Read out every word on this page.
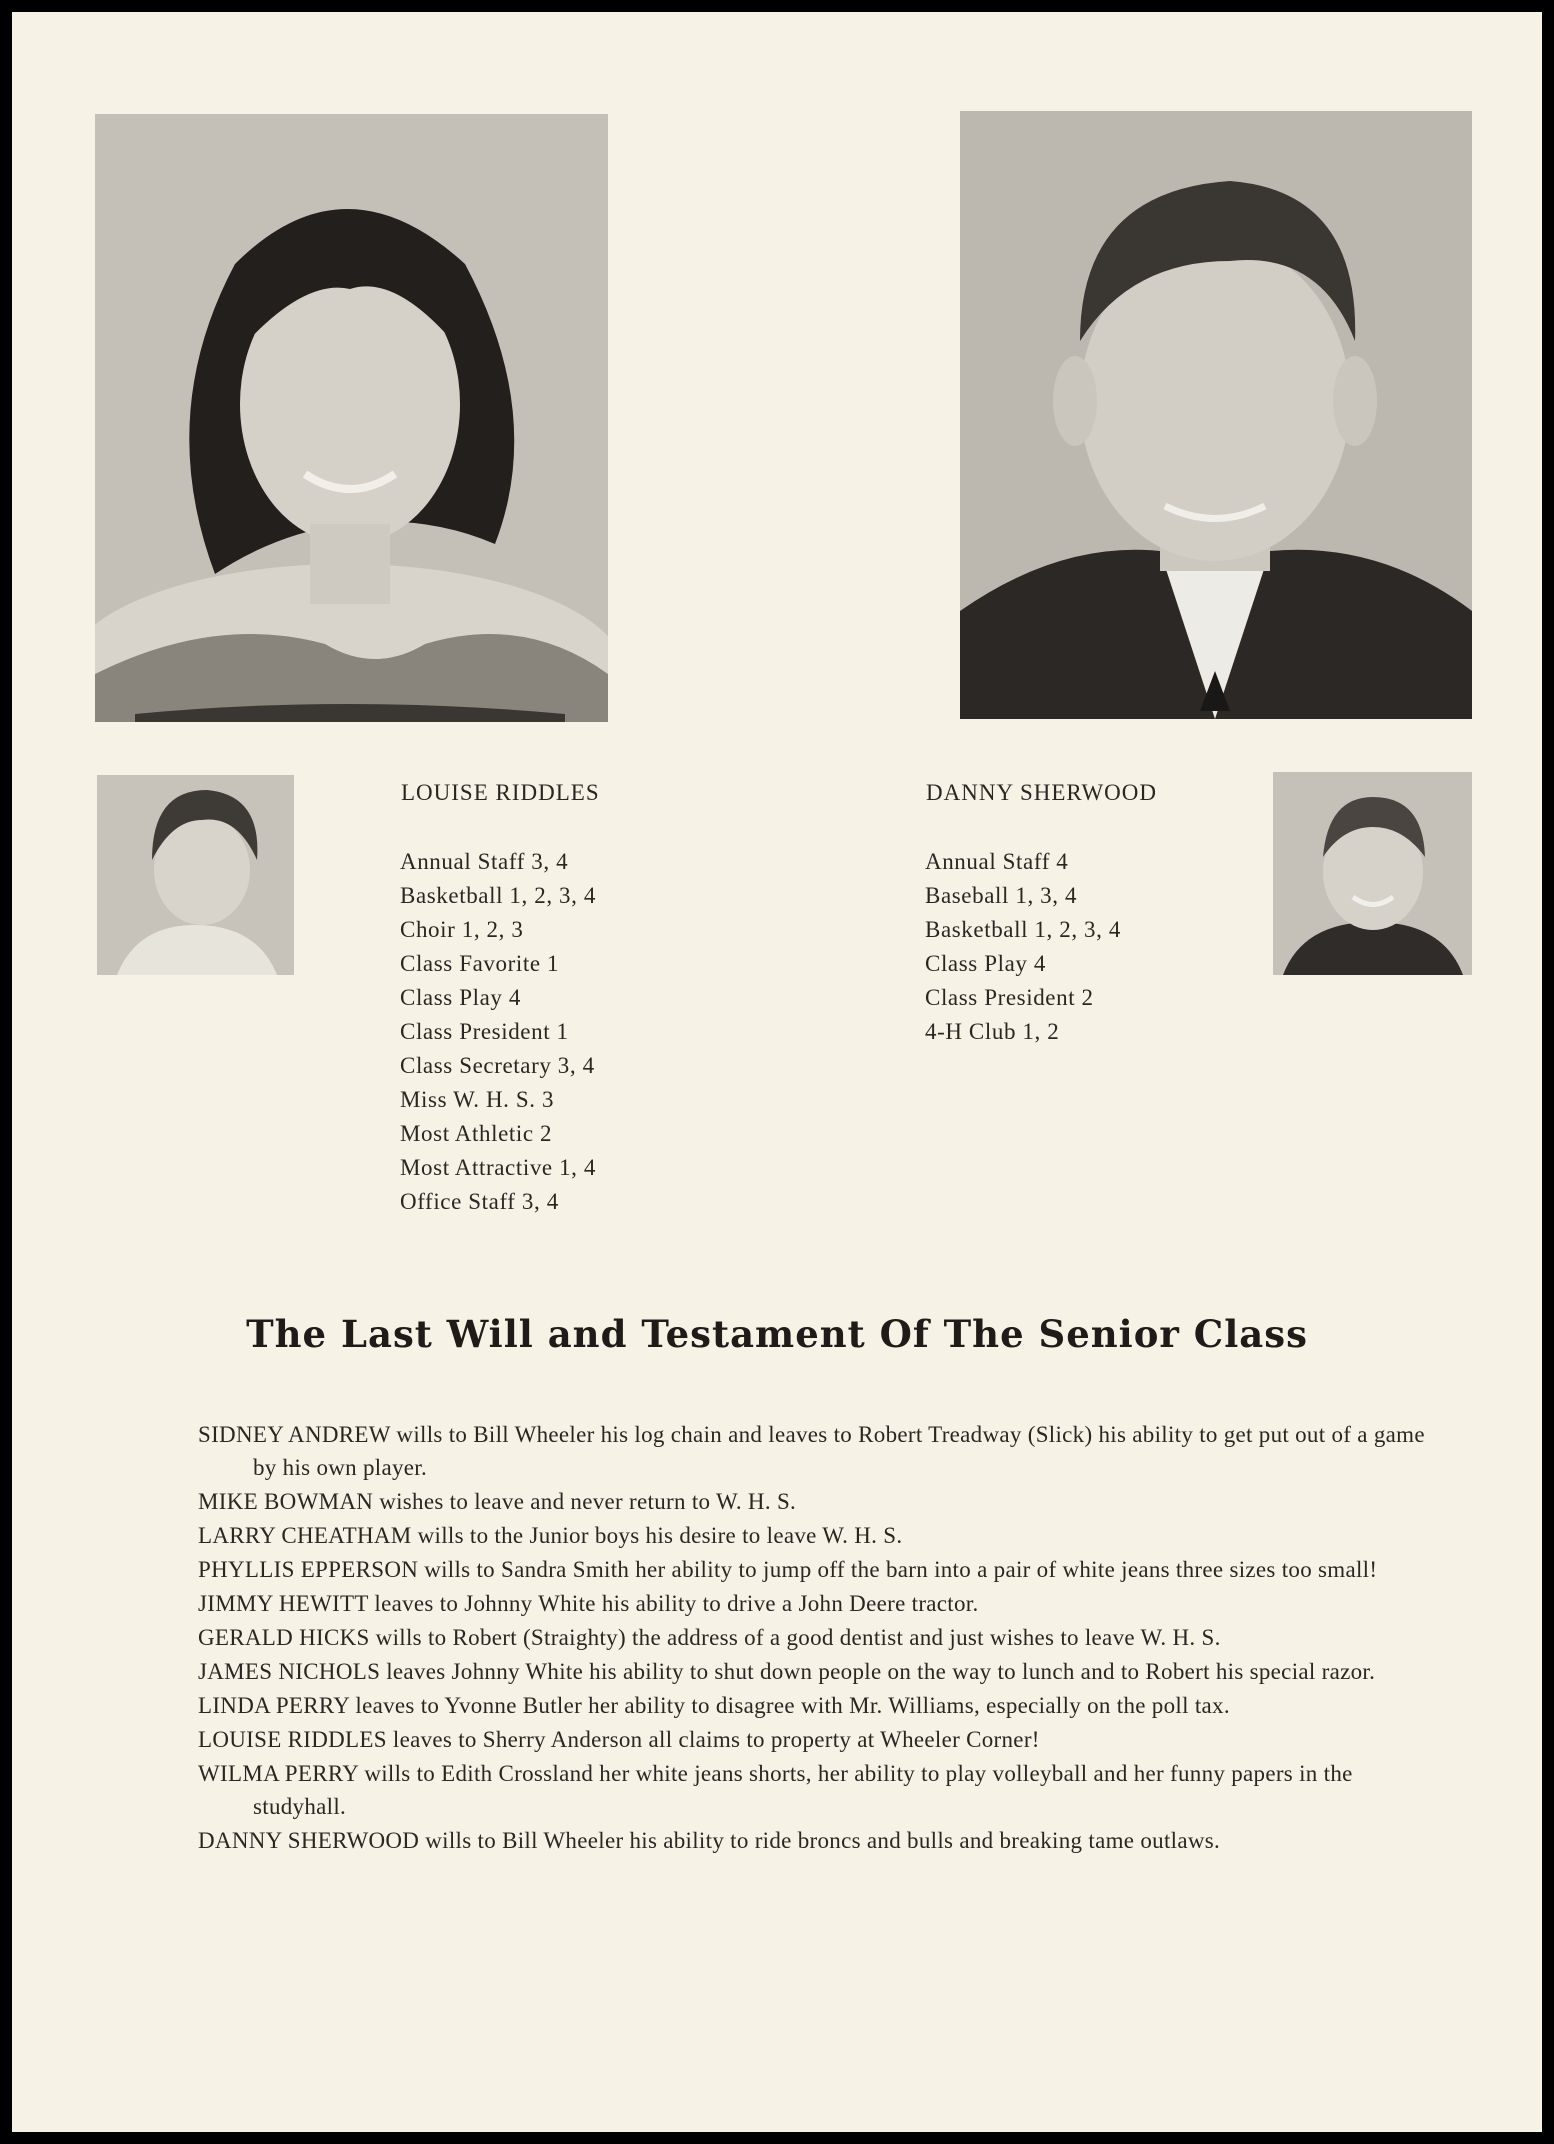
LOUISE RIDDLES
Annual Staff 3, 4
Basketball 1, 2, 3, 4
Choir 1, 2, 3
Class Favorite 1
Class Play 4
Class President 1
Class Secretary 3, 4
Miss W. H. S. 3
Most Athletic 2
Most Attractive 1, 4
Office Staff 3, 4
DANNY SHERWOOD
Annual Staff 4
Baseball 1, 3, 4
Basketball 1, 2, 3, 4
Class Play 4
Class President 2
4-H Club 1, 2
The Last Will and Testament Of The Senior Class
SIDNEY ANDREW wills to Bill Wheeler his log chain and leaves to Robert Treadway (Slick) his ability to get put out of a game by his own player.
MIKE BOWMAN wishes to leave and never return to W. H. S.
LARRY CHEATHAM wills to the Junior boys his desire to leave W. H. S.
PHYLLIS EPPERSON wills to Sandra Smith her ability to jump off the barn into a pair of white jeans three sizes too small!
JIMMY HEWITT leaves to Johnny White his ability to drive a John Deere tractor.
GERALD HICKS wills to Robert (Straighty) the address of a good dentist and just wishes to leave W. H. S.
JAMES NICHOLS leaves Johnny White his ability to shut down people on the way to lunch and to Robert his special razor.
LINDA PERRY leaves to Yvonne Butler her ability to disagree with Mr. Williams, especially on the poll tax.
LOUISE RIDDLES leaves to Sherry Anderson all claims to property at Wheeler Corner!
WILMA PERRY wills to Edith Crossland her white jeans shorts, her ability to play volleyball and her funny papers in the studyhall.
DANNY SHERWOOD wills to Bill Wheeler his ability to ride broncs and bulls and breaking tame outlaws.
